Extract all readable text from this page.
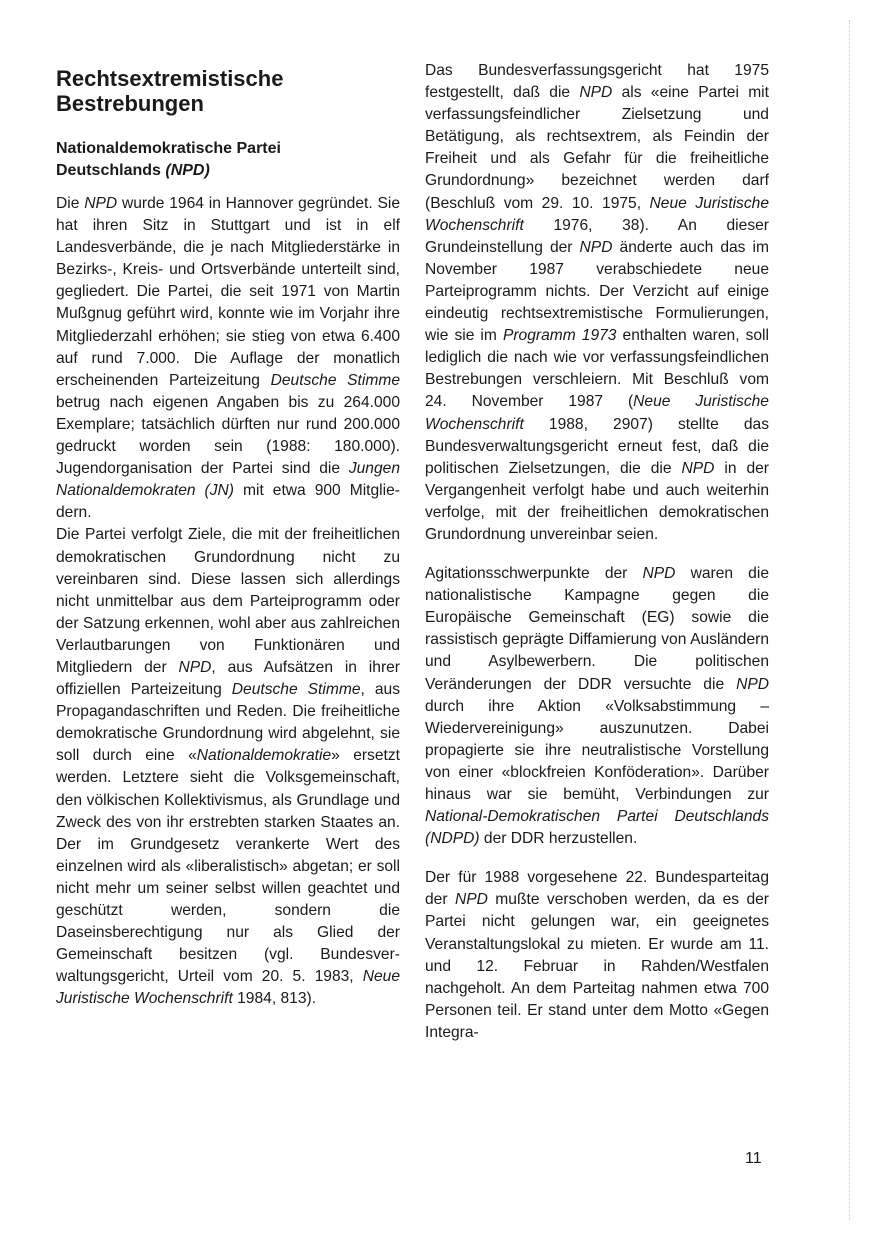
Rechtsextremistische
Bestrebungen
Nationaldemokratische Partei
Deutschlands (NPD)

Die NPD wurde 1964 in Hannover gegründet. Sie hat ihren Sitz in Stuttgart und ist in elf Landesverbände, die je nach Mitgliederstärke in Bezirks-, Kreis- und Ortsverbände unterteilt sind, gegliedert. Die Partei, die seit 1971 von Martin Mußgnug geführt wird, konnte wie im Vorjahr ihre Mitgliederzahl erhöhen; sie stieg von etwa 6.400 auf rund 7.000. Die Auflage der monatlich erscheinenden Parteizeitung Deutsche Stimme betrug nach eigenen Angaben bis zu 264.000 Exemplare; tatsächlich dürften nur rund 200.000 gedruckt worden sein (1988: 180.000). Jugendorganisation der Partei sind die Jungen Nationaldemokraten (JN) mit etwa 900 Mitgliedern.

Die Partei verfolgt Ziele, die mit der freiheitlichen demokratischen Grundordnung nicht zu vereinbaren sind. Diese lassen sich allerdings nicht unmittelbar aus dem Parteiprogramm oder der Satzung erkennen, wohl aber aus zahlreichen Verlautbarungen von Funktionären und Mitgliedern der NPD, aus Aufsätzen in ihrer offiziellen Parteizeitung Deutsche Stimme, aus Propagandaschriften und Reden. Die freiheitliche demokratische Grundordnung wird abgelehnt, sie soll durch eine «Nationaldemokratie» ersetzt werden. Letztere sieht die Volksgemeinschaft, den völkischen Kollektivismus, als Grundlage und Zweck des von ihr erstrebten starken Staates an. Der im Grundgesetz verankerte Wert des einzelnen wird als «liberalistisch» abgetan; er soll nicht mehr um seiner selbst willen geachtet und geschützt werden, sondern die Daseinsberechtigung nur als Glied der Gemeinschaft besitzen (vgl. Bundesverwaltungsgericht, Urteil vom 20. 5. 1983, Neue Juristische Wochenschrift 1984, 813).

Das Bundesverfassungsgericht hat 1975 festgestellt, daß die NPD als «eine Partei mit verfassungsfeindlicher Zielsetzung und Betätigung, als rechtsextrem, als Feindin der Freiheit und als Gefahr für die freiheitliche Grundordnung» bezeichnet werden darf (Beschluß vom 29. 10. 1975, Neue Juristische Wochenschrift 1976, 38). An dieser Grundeinstellung der NPD änderte auch das im November 1987 verabschiedete neue Parteiprogramm nichts. Der Verzicht auf einige eindeutig rechtsextremistische Formulierungen, wie sie im Programm 1973 enthalten waren, soll lediglich die nach wie vor verfassungsfeindlichen Bestrebungen verschleiern. Mit Beschluß vom 24. November 1987 (Neue Juristische Wochenschrift 1988, 2907) stellte das Bundesverwaltungsgericht erneut fest, daß die politischen Zielsetzungen, die die NPD in der Vergangenheit verfolgt habe und auch weiterhin verfolge, mit der freiheitlichen demokratischen Grundordnung unvereinbar seien.

Agitationsschwerpunkte der NPD waren die nationalistische Kampagne gegen die Europäische Gemeinschaft (EG) sowie die rassistisch geprägte Diffamierung von Ausländern und Asylbewerbern. Die politischen Veränderungen der DDR versuchte die NPD durch ihre Aktion «Volksabstimmung – Wiedervereinigung» auszunutzen. Dabei propagierte sie ihre neutralistische Vorstellung von einer «blockfreien Konföderation». Darüber hinaus war sie bemüht, Verbindungen zur National-Demokratischen Partei Deutschlands (NDPD) der DDR herzustellen.

Der für 1988 vorgesehene 22. Bundesparteitag der NPD mußte verschoben werden, da es der Partei nicht gelungen war, ein geeignetes Veranstaltungslokal zu mieten. Er wurde am 11. und 12. Februar in Rahden/Westfalen nachgeholt. An dem Parteitag nahmen etwa 700 Personen teil. Er stand unter dem Motto «Gegen Integra-

11
